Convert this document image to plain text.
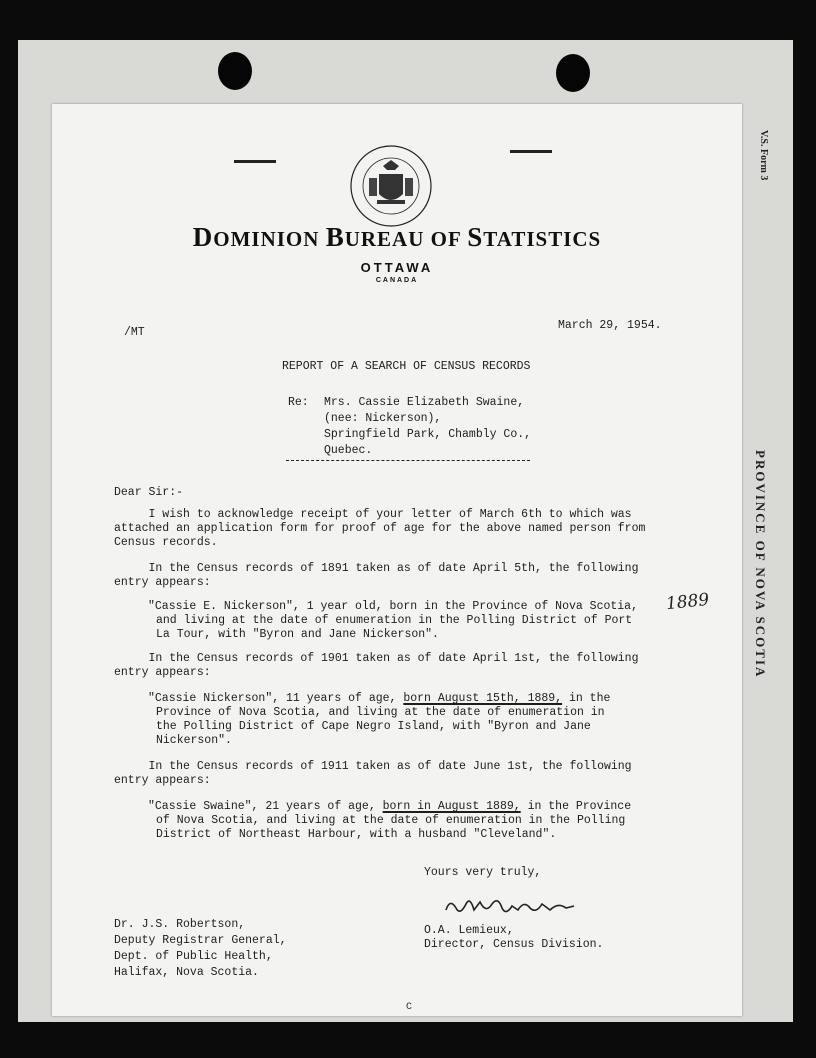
V.S. Form 3
PROVINCE OF NOVA SCOTIA
DOMINION BUREAU OF STATISTICS
OTTAWA
CANADA
/MT
March 29, 1954.
REPORT OF A SEARCH OF CENSUS RECORDS
Re: Mrs. Cassie Elizabeth Swaine,
(nee: Nickerson),
Springfield Park, Chambly Co.,
Quebec.
Dear Sir:-
I wish to acknowledge receipt of your letter of March 6th to which was
attached an application form for proof of age for the above named person from
Census records.
In the Census records of 1891 taken as of date April 5th, the following
entry appears:
"Cassie E. Nickerson", 1 year old, born in the Province of Nova Scotia,
and living at the date of enumeration in the Polling District of Port
La Tour, with "Byron and Jane Nickerson".
1889
In the Census records of 1901 taken as of date April 1st, the following
entry appears:
"Cassie Nickerson", 11 years of age, born August 15th, 1889, in the
Province of Nova Scotia, and living at the date of enumeration in
the Polling District of Cape Negro Island, with "Byron and Jane
Nickerson".
In the Census records of 1911 taken as of date June 1st, the following
entry appears:
"Cassie Swaine", 21 years of age, born in August 1889, in the Province
of Nova Scotia, and living at the date of enumeration in the Polling
District of Northeast Harbour, with a husband "Cleveland".
Yours very truly,
O.A. Lemieux,
Director, Census Division.
Dr. J.S. Robertson,
Deputy Registrar General,
Dept. of Public Health,
Halifax, Nova Scotia.
C
